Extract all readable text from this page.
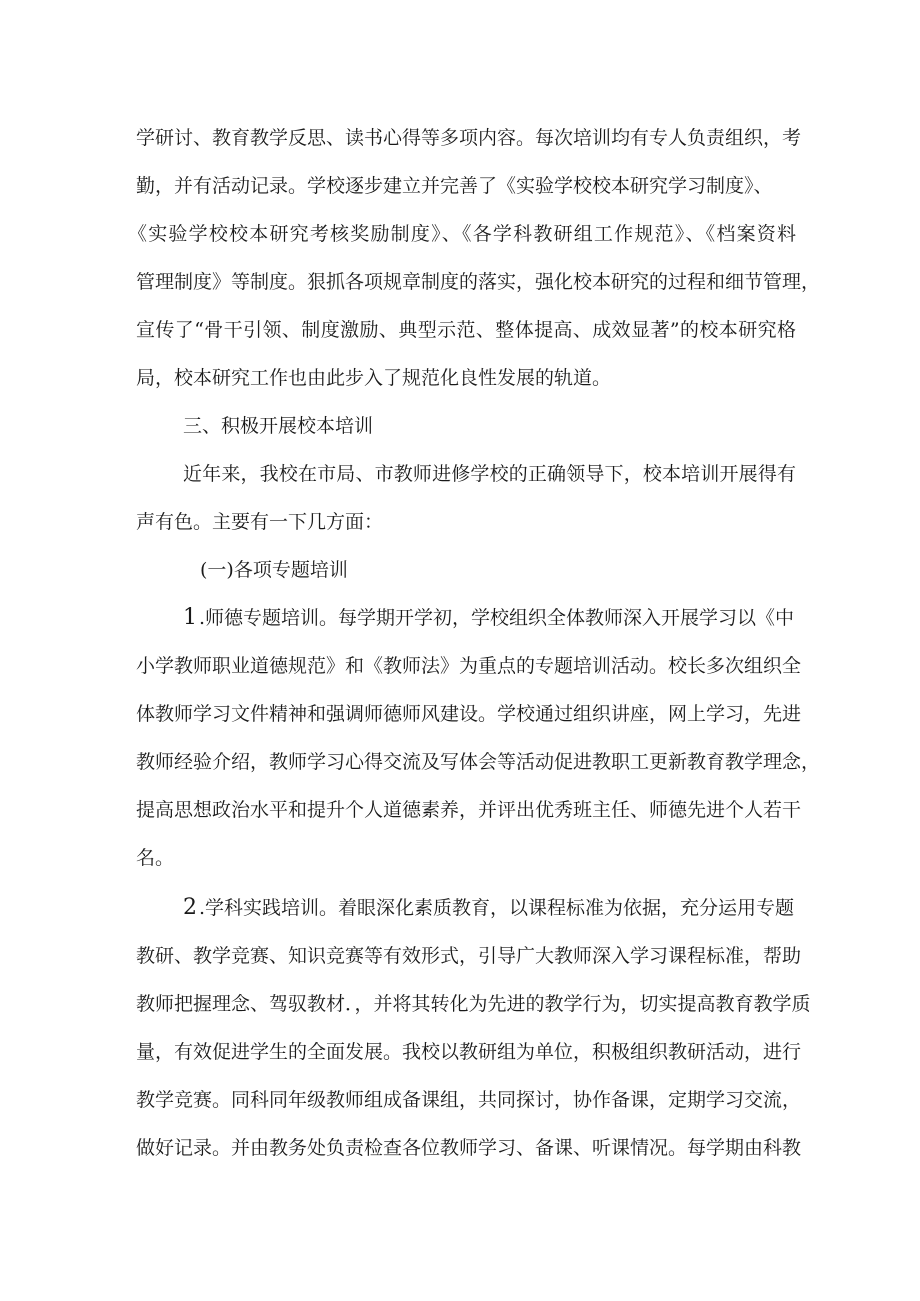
学研讨、教育教学反思、读书心得等多项内容。每次培训均有专人负责组织，考
勤，并有活动记录。学校逐步建立并完善了《实验学校校本研究学习制度》、
《实验学校校本研究考核奖励制度》、《各学科教研组工作规范》、《档案资料
管理制度》等制度。狠抓各项规章制度的落实，强化校本研究的过程和细节管理，
宣传了“骨干引领、制度激励、典型示范、整体提高、成效显著”的校本研究格
局，校本研究工作也由此步入了规范化良性发展的轨道。
三、积极开展校本培训
近年来，我校在市局、市教师进修学校的正确领导下，校本培训开展得有
声有色。主要有一下几方面：
(一)各项专题培训
1.师德专题培训。每学期开学初，学校组织全体教师深入开展学习以《中
小学教师职业道德规范》和《教师法》为重点的专题培训活动。校长多次组织全
体教师学习文件精神和强调师德师风建设。学校通过组织讲座，网上学习，先进
教师经验介绍，教师学习心得交流及写体会等活动促进教职工更新教育教学理念，
提高思想政治水平和提升个人道德素养，并评出优秀班主任、师德先进个人若干
名。
2.学科实践培训。着眼深化素质教育，以课程标准为依据，充分运用专题
教研、教学竞赛、知识竞赛等有效形式，引导广大教师深入学习课程标准，帮助
教师把握理念、驾驭教材．，并将其转化为先进的教学行为，切实提高教育教学质
量，有效促进学生的全面发展。我校以教研组为单位，积极组织教研活动，进行
教学竞赛。同科同年级教师组成备课组，共同探讨，协作备课，定期学习交流，
做好记录。并由教务处负责检查各位教师学习、备课、听课情况。每学期由科教
